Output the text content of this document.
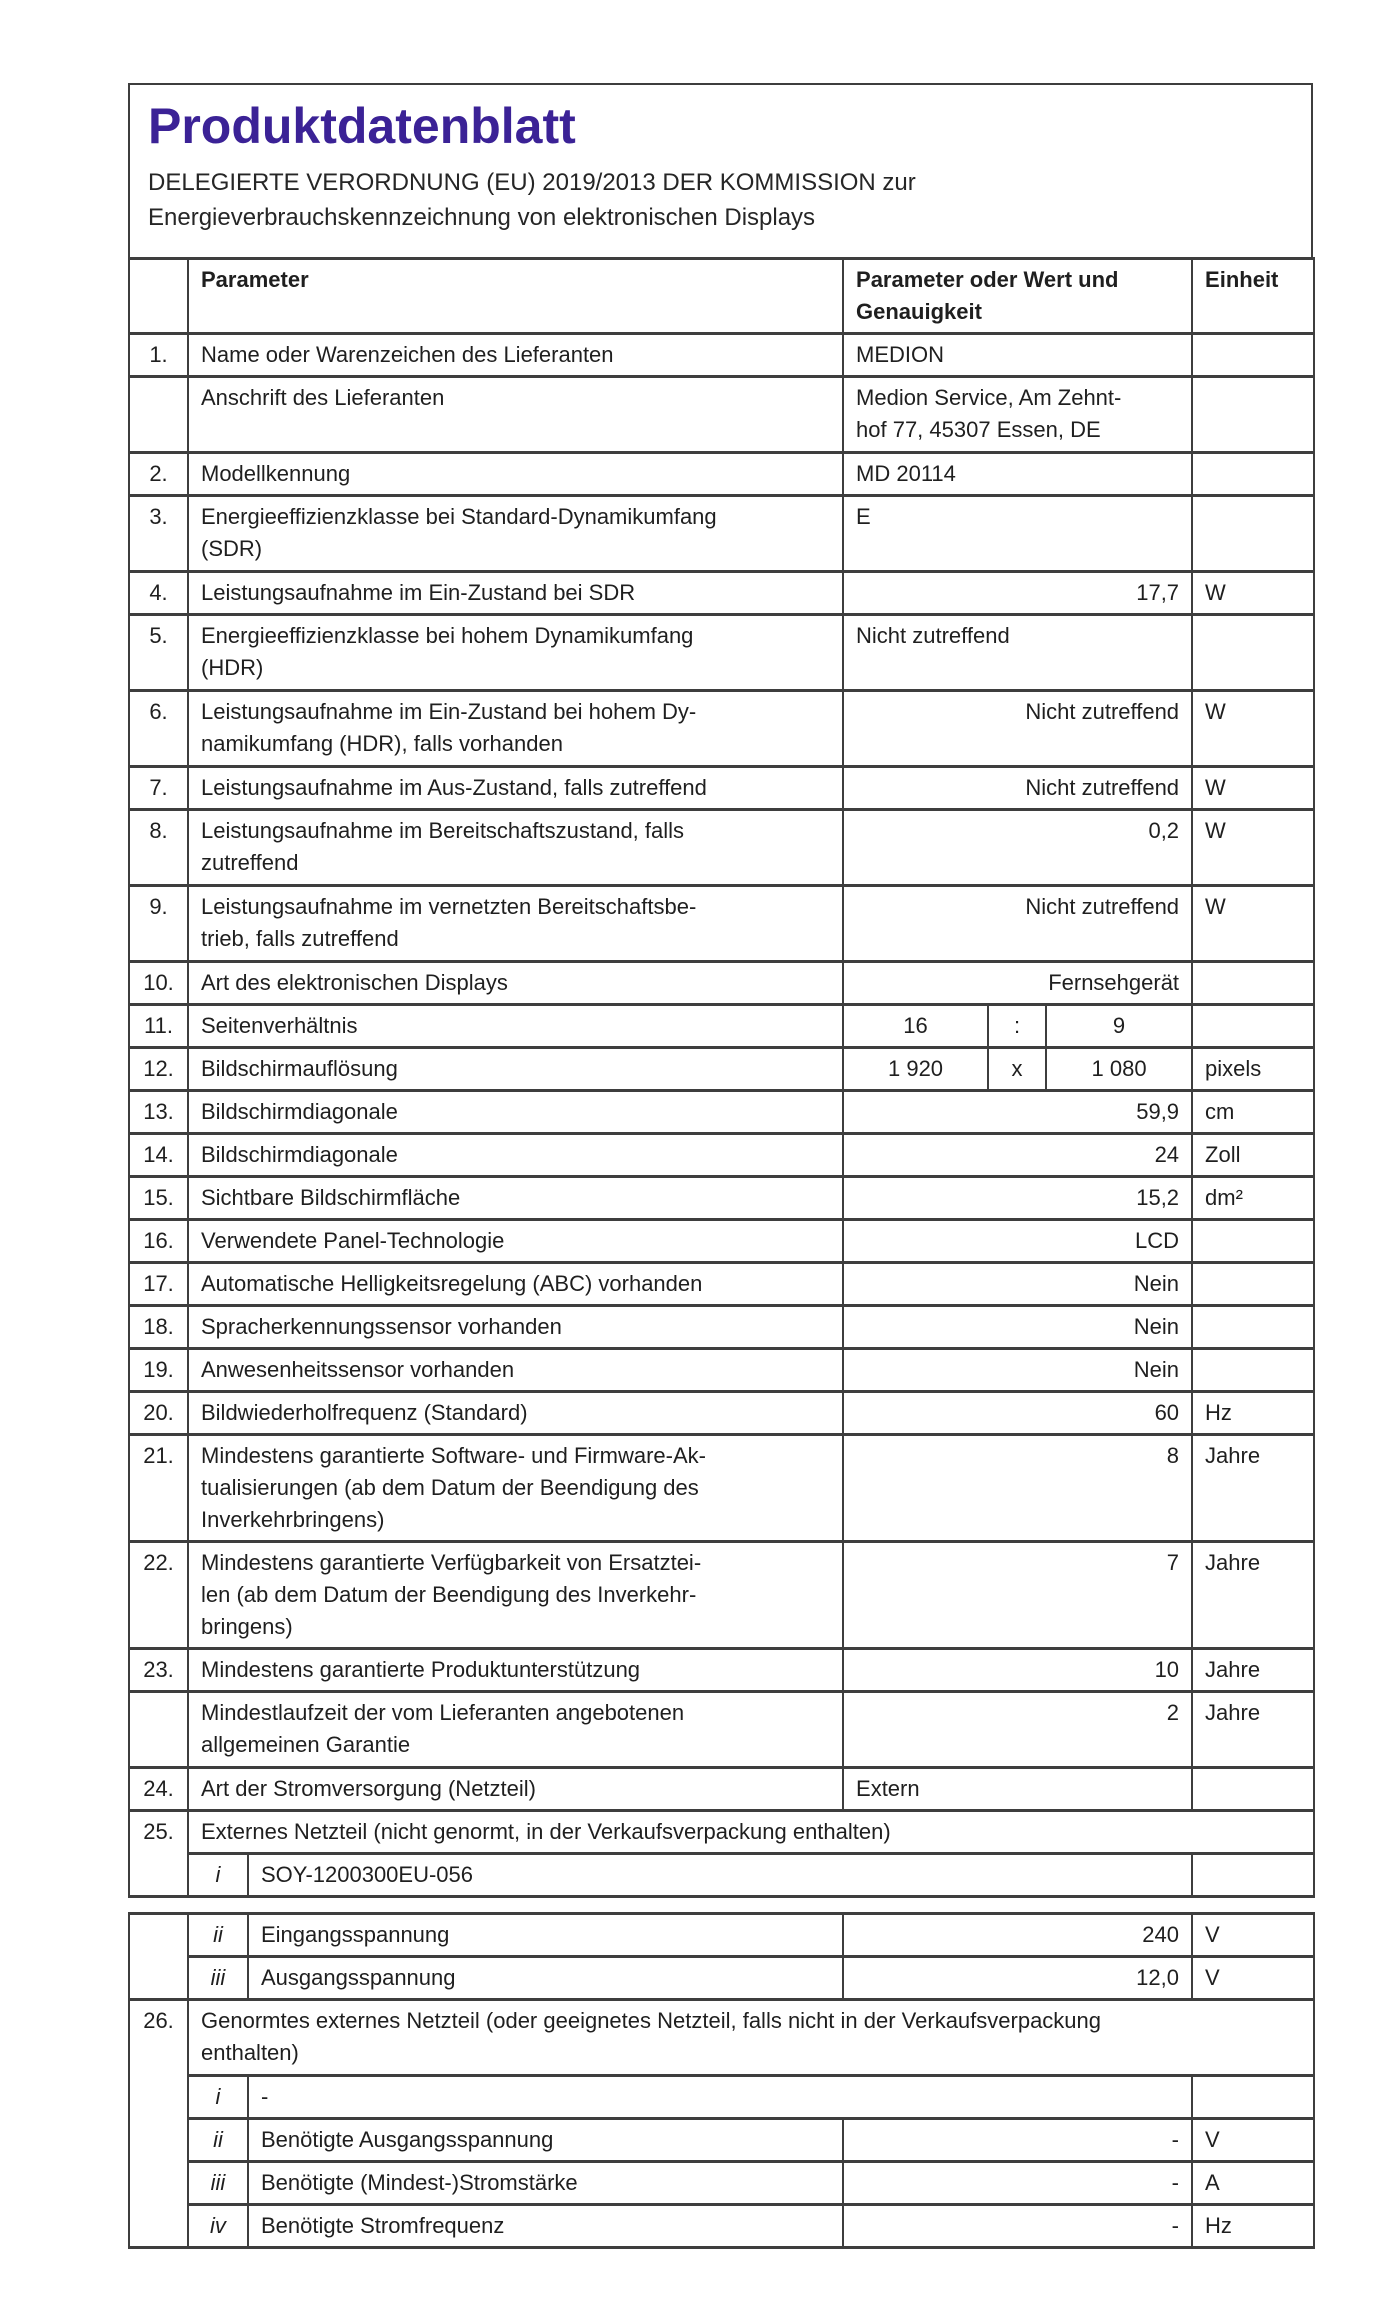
Produktdatenblatt
DELEGIERTE VERORDNUNG (EU) 2019/2013 DER KOMMISSION zur
Energieverbrauchskennzeichnung von elektronischen Displays
	Parameter		Parameter oder Wert und
Genauigkeit			Einheit
1.	Name oder Warenzeichen des Lieferanten		MEDION			
	Anschrift des Lieferanten		Medion Service, Am Zehnt-
hof 77, 45307 Essen, DE			
2.	Modellkennung		MD 20114			
3.	Energieeffizienzklasse bei Standard-Dynamikumfang
(SDR)		E			
4.	Leistungsaufnahme im Ein-Zustand bei SDR		17,7			W
5.	Energieeffizienzklasse bei hohem Dynamikumfang
(HDR)		Nicht zutreffend			
6.	Leistungsaufnahme im Ein-Zustand bei hohem Dy-
namikumfang (HDR), falls vorhanden		Nicht zutreffend			W
7.	Leistungsaufnahme im Aus-Zustand, falls zutreffend		Nicht zutreffend			W
8.	Leistungsaufnahme im Bereitschaftszustand, falls
zutreffend		0,2			W
9.	Leistungsaufnahme im vernetzten Bereitschaftsbe-
trieb, falls zutreffend		Nicht zutreffend			W
10.	Art des elektronischen Displays		Fernsehgerät			
11.	Seitenverhältnis		16	:	9	
12.	Bildschirmauflösung		1 920	x	1 080	pixels
13.	Bildschirmdiagonale		59,9			cm
14.	Bildschirmdiagonale		24			Zoll
15.	Sichtbare Bildschirmfläche		15,2			dm²
16.	Verwendete Panel-Technologie		LCD			
17.	Automatische Helligkeitsregelung (ABC) vorhanden		Nein			
18.	Spracherkennungssensor vorhanden		Nein			
19.	Anwesenheitssensor vorhanden		Nein			
20.	Bildwiederholfrequenz (Standard)		60			Hz
21.	Mindestens garantierte Software- und Firmware-Ak-
tualisierungen (ab dem Datum der Beendigung des
Inverkehrbringens)		8			Jahre
22.	Mindestens garantierte Verfügbarkeit von Ersatztei-
len (ab dem Datum der Beendigung des Inverkehr-
bringens)		7			Jahre
23.	Mindestens garantierte Produktunterstützung		10			Jahre
	Mindestlaufzeit der vom Lieferanten angebotenen
allgemeinen Garantie		2			Jahre
24.	Art der Stromversorgung (Netzteil)		Extern			
25.	Externes Netzteil (nicht genormt, in der Verkaufsverpackung enthalten)					
	i	SOY-1200300EU-056				
	ii	Eingangsspannung	240	V
	iii	Ausgangsspannung	12,0	V
26.	Genormtes externes Netzteil (oder geeignetes Netzteil, falls nicht in der Verkaufsverpackung
enthalten)			
	i	-		
	ii	Benötigte Ausgangsspannung	-	V
	iii	Benötigte (Mindest-)Stromstärke	-	A
	iv	Benötigte Stromfrequenz	-	Hz
